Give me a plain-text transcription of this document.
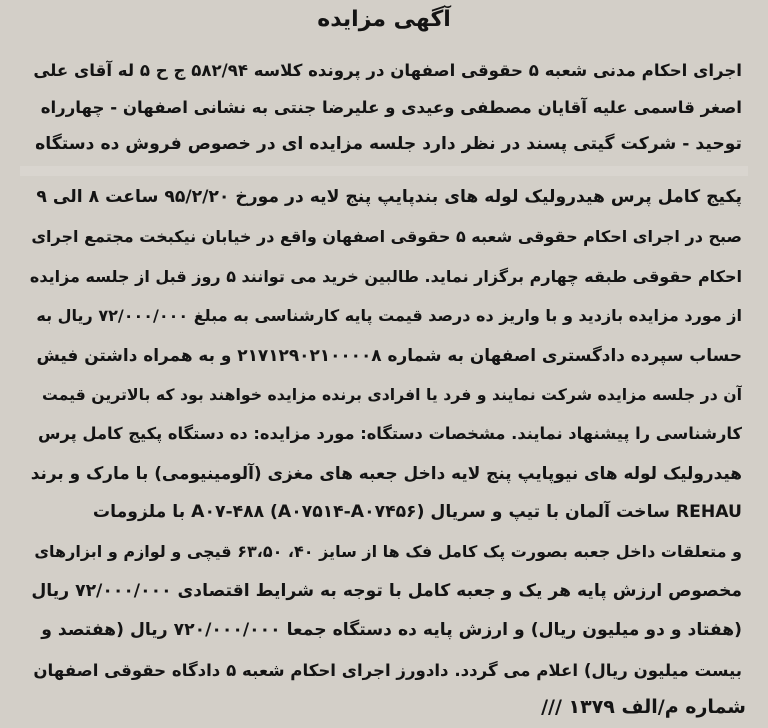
آگهی مزایده
اجرای احکام مدنی شعبه ۵ حقوقی اصفهان در پرونده کلاسه ۵۸۲/۹۴ ج ح ۵ له آقای علی
اصغر قاسمی علیه آقایان مصطفی وعیدی و علیرضا جنتی به نشانی اصفهان - چهارراه
توحید - شرکت گیتی پسند در نظر دارد جلسه مزایده ای در خصوص فروش ده دستگاه
پکیج کامل پرس هیدرولیک لوله های بندپایپ پنج لایه در مورخ ۹۵/۲/۲۰ ساعت ۸ الی ۹
صبح در اجرای احکام حقوقی شعبه ۵ حقوقی اصفهان واقع در خیابان نیکبخت مجتمع اجرای
احکام حقوقی طبقه چهارم برگزار نماید. طالبین خرید می توانند ۵ روز قبل از جلسه مزایده
از مورد مزایده بازدید و با واریز ده درصد قیمت پایه کارشناسی به مبلغ ۷۲/۰۰۰/۰۰۰ ریال به
حساب سپرده دادگستری اصفهان به شماره ۲۱۷۱۲۹۰۲۱۰۰۰۰۸ و به همراه داشتن فیش
آن در جلسه مزایده شرکت نمایند و فرد یا افرادی برنده مزایده خواهند بود که بالاترین قیمت
کارشناسی را پیشنهاد نمایند. مشخصات دستگاه: مورد مزایده: ده دستگاه پکیج کامل پرس
هیدرولیک لوله های نیوپایپ پنج لایه داخل جعبه های مغزی (آلومینیومی) با مارک و برند
REHAU ساخت آلمان با تیپ و سریال (A۰۷۵۱۴-A۰۷۴۵۶) A۰۷-۴۸۸ با ملزومات
و متعلقات داخل جعبه بصورت پک کامل فک ها از سایز ۴۰، ۶۳،۵۰ قیچی و لوازم و ابزارهای
مخصوص ارزش پایه هر یک و جعبه کامل با توجه به شرایط اقتصادی ۷۲/۰۰۰/۰۰۰ ریال
(هفتاد و دو میلیون ریال) و ارزش پایه ده دستگاه جمعا ۷۲۰/۰۰۰/۰۰۰ ریال (هفتصد و
بیست میلیون ریال) اعلام می گردد. دادورز اجرای احکام شعبه ۵ دادگاه حقوقی اصفهان
شماره م/الف ۱۳۷۹ ///
